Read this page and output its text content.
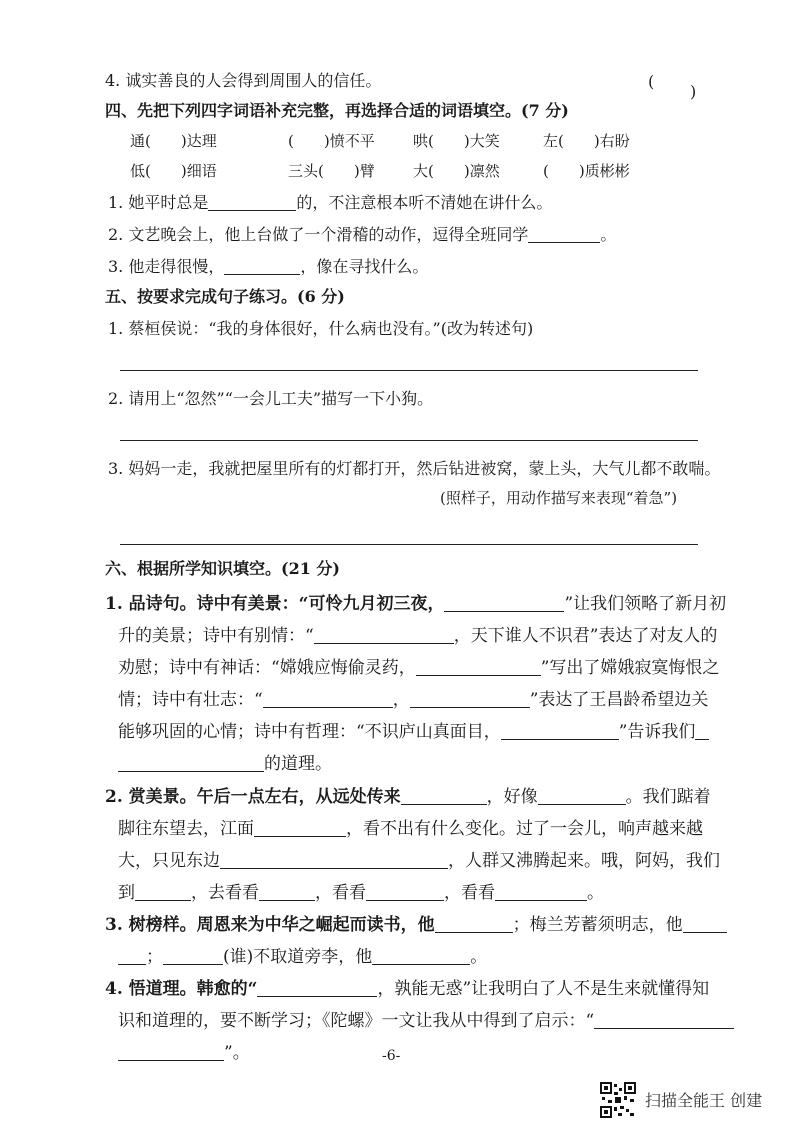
4. 诚实善良的人会得到周围人的信任。	(
)
四、先把下列四字词语补充完整，再选择合适的词语填空。(7 分)
通(　　)达理	(　　)愤不平	哄(　　)大笑	左(　　)右盼
低(　　)细语	三头(　　)臂	大(　　)凛然	(　　)质彬彬
1. 她平时总是	的，不注意根本听不清她在讲什么。
2. 文艺晚会上，他上台做了一个滑稽的动作，逗得全班同学	。
3. 他走得很慢，	，像在寻找什么。
五、按要求完成句子练习。(6 分)
1. 蔡桓侯说：“我的身体很好，什么病也没有。”(改为转述句)
2. 请用上“忽然”“一会儿工夫”描写一下小狗。
3. 妈妈一走，我就把屋里所有的灯都打开，然后钻进被窝，蒙上头，大气儿都不敢喘。
(照样子，用动作描写来表现“着急”)
六、根据所学知识填空。(21 分)
1. 品诗句。诗中有美景：“可怜九月初三夜，	”让我们领略了新月初
升的美景；诗中有别情：“	，天下谁人不识君”表达了对友人的
劝慰；诗中有神话：“嫦娥应悔偷灵药，	”写出了嫦娥寂寞悔恨之
情；诗中有壮志：“	，	”表达了王昌龄希望边关
能够巩固的心情；诗中有哲理：“不识庐山真面目，	”告诉我们
的道理。
2. 赏美景。午后一点左右，从远处传来	，好像	。我们踮着
脚往东望去，江面	，看不出有什么变化。过了一会儿，响声越来越
大，只见东边	，人群又沸腾起来。哦，阿妈，我们
到	，去看看	，看看	，看看	。
3. 树榜样。周恩来为中华之崛起而读书，他	；梅兰芳蓄须明志，他
；	(谁)不取道旁李，他	。
4. 悟道理。韩愈的“	，孰能无惑”让我明白了人不是生来就懂得知
识和道理的，要不断学习；《陀螺》一文让我从中得到了启示：“
”。	-6-
扫描全能王 创建
